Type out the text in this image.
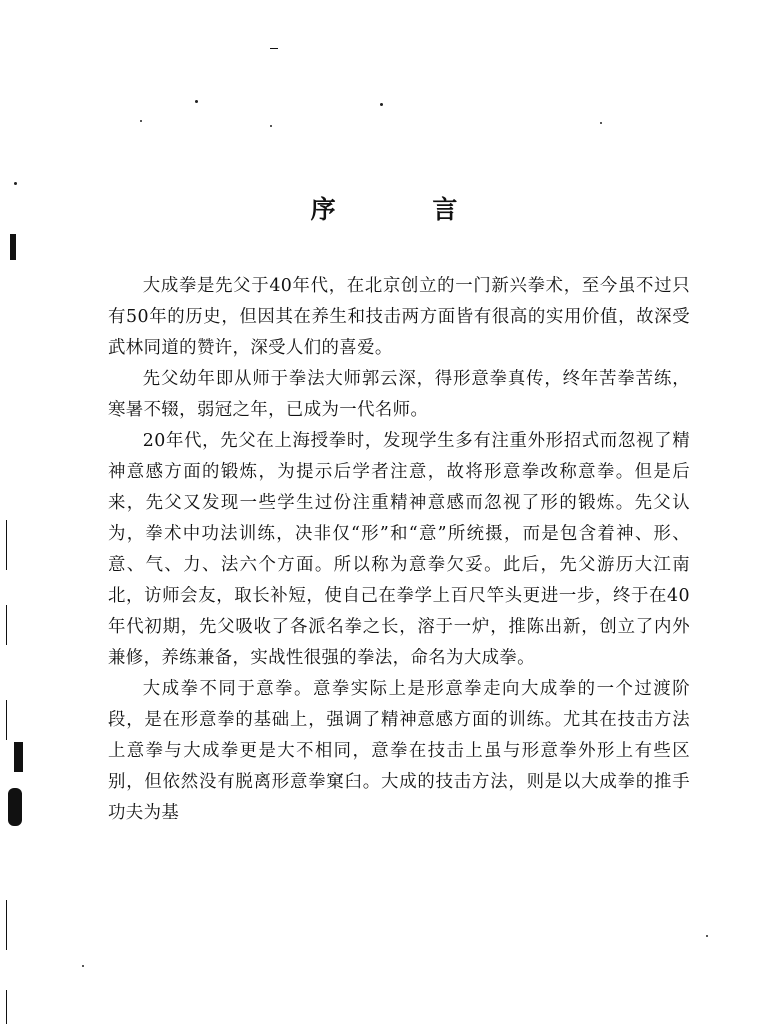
序 言

大成拳是先父于40年代，在北京创立的一门新兴拳术，至今虽不过只有50年的历史，但因其在养生和技击两方面皆有很高的实用价值，故深受武林同道的赞许，深受人们的喜爱。

先父幼年即从师于拳法大师郭云深，得形意拳真传，终年苦拳苦练，寒暑不辍，弱冠之年，已成为一代名师。

20年代，先父在上海授拳时，发现学生多有注重外形招式而忽视了精神意感方面的锻炼，为提示后学者注意，故将形意拳改称意拳。但是后来，先父又发现一些学生过份注重精神意感而忽视了形的锻炼。先父认为，拳术中功法训练，决非仅“形”和“意”所统摄，而是包含着神、形、意、气、力、法六个方面。所以称为意拳欠妥。此后，先父游历大江南北，访师会友，取长补短，使自己在拳学上百尺竿头更进一步，终于在40年代初期，先父吸收了各派名拳之长，溶于一炉，推陈出新，创立了内外兼修，养练兼备，实战性很强的拳法，命名为大成拳。

大成拳不同于意拳。意拳实际上是形意拳走向大成拳的一个过渡阶段，是在形意拳的基础上，强调了精神意感方面的训练。尤其在技击方法上意拳与大成拳更是大不相同，意拳在技击上虽与形意拳外形上有些区别，但依然没有脱离形意拳窠臼。大成的技击方法，则是以大成拳的推手功夫为基
